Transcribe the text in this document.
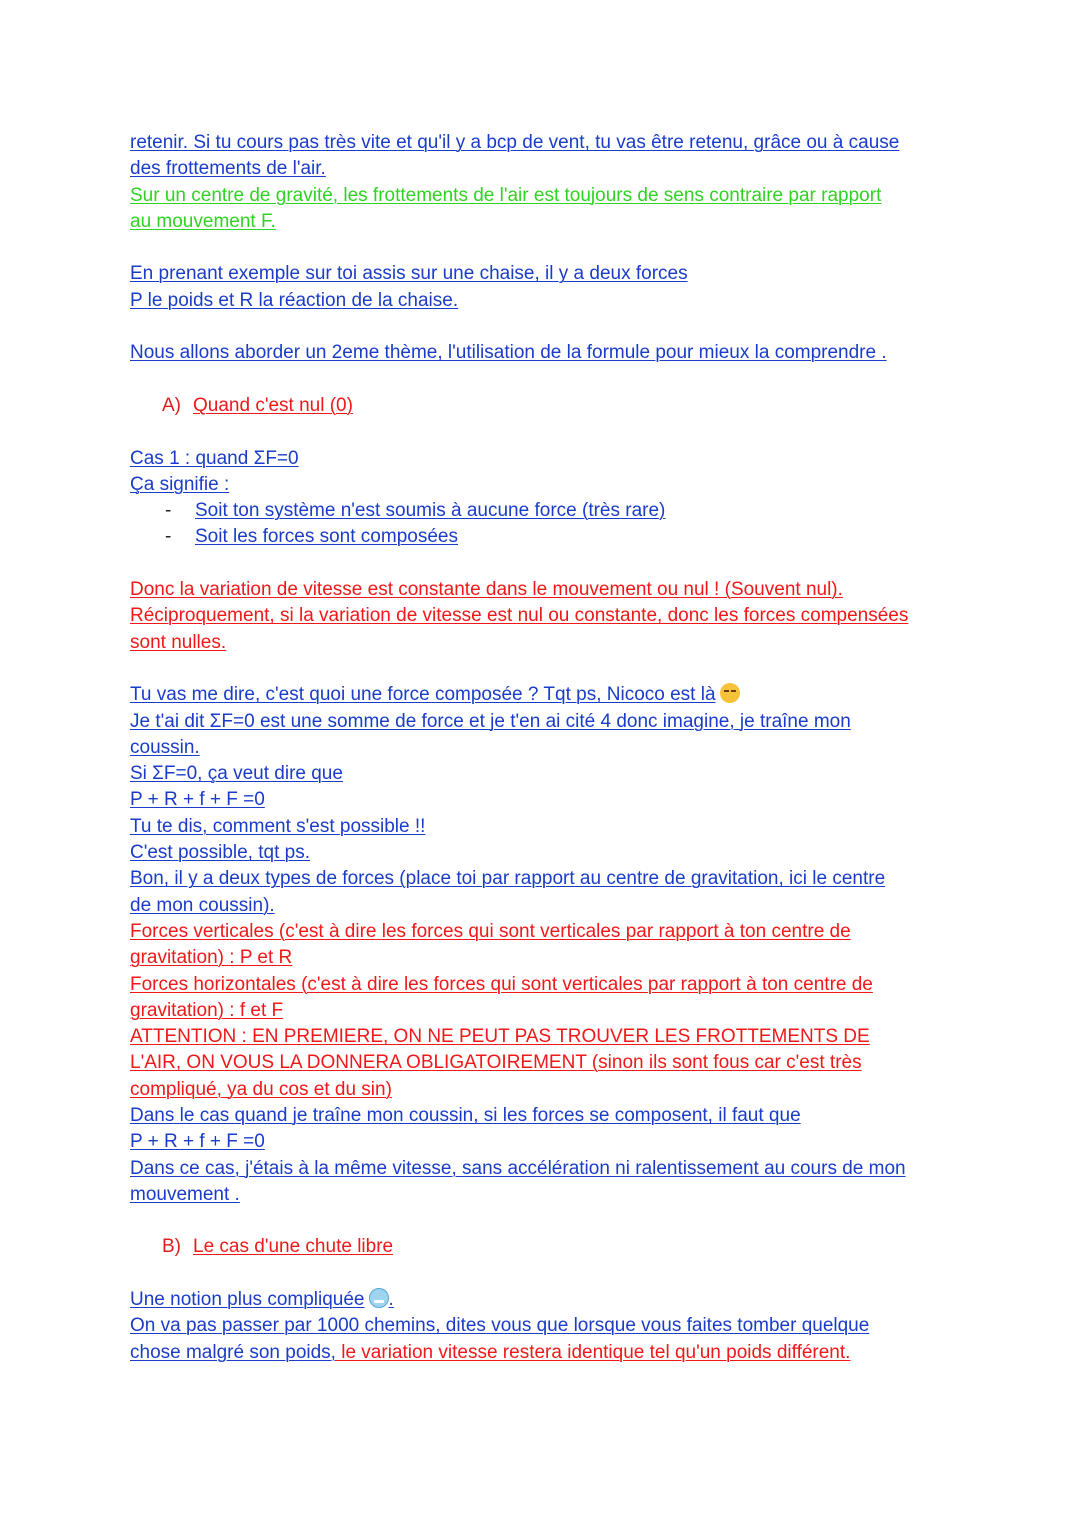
retenir. Si tu cours pas très vite et qu'il y a bcp de vent, tu vas être retenu, grâce ou à cause
des frottements de l'air.
Sur un centre de gravité, les frottements de l'air est toujours de sens contraire par rapport
au mouvement F.
En prenant exemple sur toi assis sur une chaise, il y a deux forces
P le poids et R la réaction de la chaise.
Nous allons aborder un 2eme thème, l'utilisation de la formule pour mieux la comprendre .
A) Quand c'est nul (0)
Cas 1 : quand ΣF=0
Ça signifie :
- Soit ton système n'est soumis à aucune force (très rare)
- Soit les forces sont composées
Donc la variation de vitesse est constante dans le mouvement ou nul ! (Souvent nul).
Réciproquement, si la variation de vitesse est nul ou constante, donc les forces compensées
sont nulles.
Tu vas me dire, c'est quoi une force composée ? Tqt ps, Nicoco est là
Je t'ai dit ΣF=0 est une somme de force et je t'en ai cité 4 donc imagine, je traîne mon
coussin.
Si ΣF=0, ça veut dire que
P + R + f + F =0
Tu te dis, comment s'est possible !!
C'est possible, tqt ps.
Bon, il y a deux types de forces (place toi par rapport au centre de gravitation, ici le centre
de mon coussin).
Forces verticales (c'est à dire les forces qui sont verticales par rapport à ton centre de
gravitation) : P et R
Forces horizontales (c'est à dire les forces qui sont verticales par rapport à ton centre de
gravitation) : f et F
ATTENTION : EN PREMIERE, ON NE PEUT PAS TROUVER LES FROTTEMENTS DE
L'AIR, ON VOUS LA DONNERA OBLIGATOIREMENT (sinon ils sont fous car c'est très
compliqué, ya du cos et du sin)
Dans le cas quand je traîne mon coussin, si les forces se composent, il faut que
P + R + f + F =0
Dans ce cas, j'étais à la même vitesse, sans accélération ni ralentissement au cours de mon
mouvement .
B) Le cas d'une chute libre
Une notion plus compliquée .
On va pas passer par 1000 chemins, dites vous que lorsque vous faites tomber quelque
chose malgré son poids, le variation vitesse restera identique tel qu'un poids différent.
